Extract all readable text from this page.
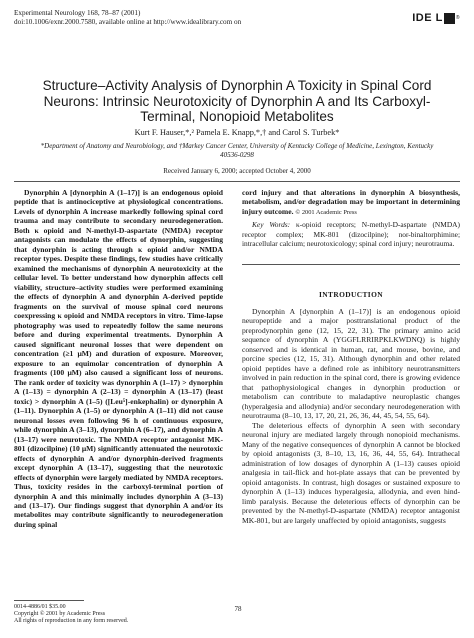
Experimental Neurology 168, 78–87 (2001)
doi:10.1006/exnr.2000.7580, available online at http://www.idealibrary.com on	IDE L	®
Structure–Activity Analysis of Dynorphin A Toxicity in Spinal Cord Neurons: Intrinsic Neurotoxicity of Dynorphin A and Its Carboxyl-Terminal, Nonopioid Metabolites
Kurt F. Hauser,*,² Pamela E. Knapp,*,† and Carol S. Turbek*
*Department of Anatomy and Neurobiology, and †Markey Cancer Center, University of Kentucky College of Medicine, Lexington, Kentucky 40536-0298
Received January 6, 2000; accepted October 4, 2000

Dynorphin A [dynorphin A (1–17)] is an endogenous opioid peptide that is antinociceptive at physiological concentrations. Levels of dynorphin A increase markedly following spinal cord trauma and may contribute to secondary neurodegeneration. Both κ opioid and N-methyl-D-aspartate (NMDA) receptor antagonists can modulate the effects of dynorphin, suggesting that dynorphin is acting through κ opioid and/or NMDA receptor types. Despite these findings, few studies have critically examined the mechanisms of dynorphin A neurotoxicity at the cellular level. To better understand how dynorphin affects cell viability, structure–activity studies were performed examining the effects of dynorphin A and dynorphin A-derived peptide fragments on the survival of mouse spinal cord neurons coexpressing κ opioid and NMDA receptors in vitro. Time-lapse photography was used to repeatedly follow the same neurons before and during experimental treatments. Dynorphin A caused significant neuronal losses that were dependent on concentration (≥1 μM) and duration of exposure. Moreover, exposure to an equimolar concentration of dynorphin A fragments (100 μM) also caused a significant loss of neurons. The rank order of toxicity was dynorphin A (1–17) > dynorphin A (1–13) = dynorphin A (2–13) = dynorphin A (13–17) (least toxic) > dynorphin A (1–5) ([Leu⁵]-enkephalin) or dynorphin A (1–11). Dynorphin A (1–5) or dynorphin A (1–11) did not cause neuronal losses even following 96 h of continuous exposure, while dynorphin A (3–13), dynorphin A (6–17), and dynorphin A (13–17) were neurotoxic. The NMDA receptor antagonist MK-801 (dizocilpine) (10 μM) significantly attenuated the neurotoxic effects of dynorphin A and/or dynorphin-derived fragments except dynorphin A (13–17), suggesting that the neurotoxic effects of dynorphin were largely mediated by NMDA receptors. Thus, toxicity resides in the carboxyl-terminal portion of dynorphin A and this minimally includes dynorphin A (3–13) and (13–17). Our findings suggest that dynorphin A and/or its metabolites may contribute significantly to neurodegeneration during spinal

cord injury and that alterations in dynorphin A biosynthesis, metabolism, and/or degradation may be important in determining injury outcome. © 2001 Academic Press

Key Words: κ-opioid receptors; N-methyl-D-aspartate (NMDA) receptor complex; MK-801 (dizocilpine); nor-binaltorphimine; intracellular calcium; neurotoxicology; spinal cord injury; neurotrauma.

INTRODUCTION

Dynorphin A [dynorphin A (1–17)] is an endogenous opioid neuropeptide and a major posttranslational product of the preprodynorphin gene (12, 15, 22, 31). The primary amino acid sequence of dynorphin A (YGGFLRRIRPKLKWDNQ) is highly conserved and is identical in human, rat, and mouse, bovine, and porcine species (12, 15, 31). Although dynorphin and other related opioid peptides have a defined role as inhibitory neurotransmitters involved in pain reduction in the spinal cord, there is growing evidence that pathophysiological changes in dynorphin production or metabolism can contribute to maladaptive neuroplastic changes (hyperalgesia and allodynia) and/or secondary neurodegeneration with neurotrauma (8–10, 13, 17, 20, 21, 26, 36, 44, 45, 54, 55, 64).

The deleterious effects of dynorphin A seen with secondary neuronal injury are mediated largely through nonopioid mechanisms. Many of the negative consequences of dynorphin A cannot be blocked by opioid antagonists (3, 8–10, 13, 16, 36, 44, 55, 64). Intrathecal administration of low dosages of dynorphin A (1–13) causes opioid analgesia in tail-flick and hot-plate assays that can be prevented by opioid antagonists. In contrast, high dosages or sustained exposure to dynorphin A (1–13) induces hyperalgesia, allodynia, and even hind-limb paralysis. Because the deleterious effects of dynorphin can be prevented by the N-methyl-D-aspartate (NMDA) receptor antagonist MK-801, but are largely unaffected by opioid antagonists, suggests

0014-4886/01 $35.00
Copyright © 2001 by Academic Press
All rights of reproduction in any form reserved.
78
